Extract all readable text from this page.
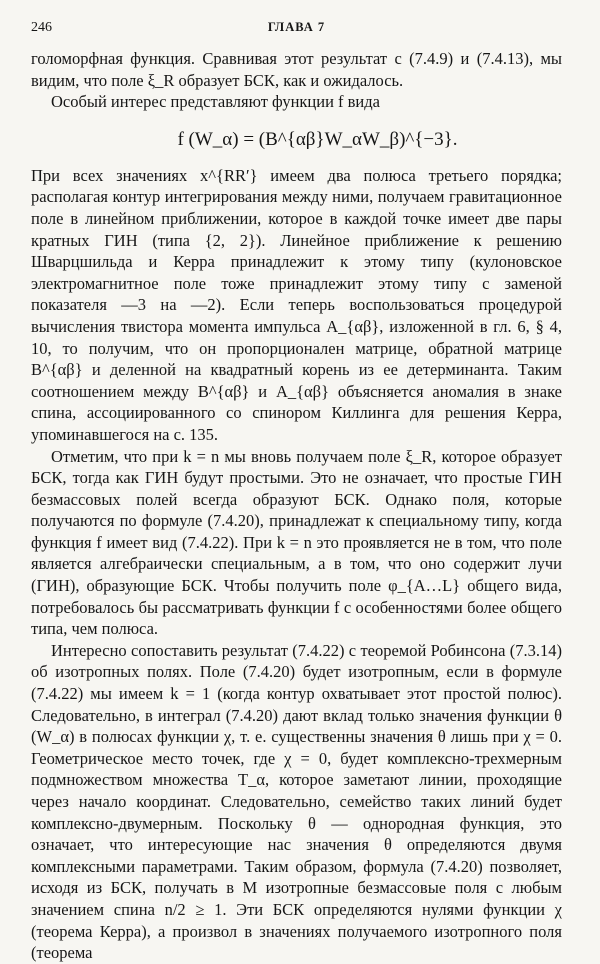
246	ГЛАВА 7

голоморфная функция. Сравнивая этот результат с (7.4.9) и (7.4.13), мы видим, что поле ξ_R образует БСК, как и ожидалось.

Особый интерес представляют функции f вида

f (W_α) = (B^{αβ}W_αW_β)^{−3}.

При всех значениях x^{RR′} имеем два полюса третьего порядка; располагая контур интегрирования между ними, получаем гравитационное поле в линейном приближении, которое в каждой точке имеет две пары кратных ГИН (типа {2, 2}). Линейное приближение к решению Шварцшильда и Керра принадлежит к этому типу (кулоновское электромагнитное поле тоже принадлежит этому типу с заменой показателя —3 на —2). Если теперь воспользоваться процедурой вычисления твистора момента импульса A_{αβ}, изложенной в гл. 6, § 4, 10, то получим, что он пропорционален матрице, обратной матрице B^{αβ} и деленной на квадратный корень из ее детерминанта. Таким соотношением между B^{αβ} и A_{αβ} объясняется аномалия в знаке спина, ассоциированного со спинором Киллинга для решения Керра, упоминавшегося на с. 135.

Отметим, что при k = n мы вновь получаем поле ξ_R, которое образует БСК, тогда как ГИН будут простыми. Это не означает, что простые ГИН безмассовых полей всегда образуют БСК. Однако поля, которые получаются по формуле (7.4.20), принадлежат к специальному типу, когда функция f имеет вид (7.4.22). При k = n это проявляется не в том, что поле является алгебраически специальным, а в том, что оно содержит лучи (ГИН), образующие БСК. Чтобы получить поле φ_{A…L} общего вида, потребовалось бы рассматривать функции f с особенностями более общего типа, чем полюса.

Интересно сопоставить результат (7.4.22) с теоремой Робинсона (7.3.14) об изотропных полях. Поле (7.4.20) будет изотропным, если в формуле (7.4.22) мы имеем k = 1 (когда контур охватывает этот простой полюс). Следовательно, в интеграл (7.4.20) дают вклад только значения функции θ (W_α) в полюсах функции χ, т. е. существенны значения θ лишь при χ = 0. Геометрическое место точек, где χ = 0, будет комплексно-трехмерным подмножеством множества T_α, которое заметают линии, проходящие через начало координат. Следовательно, семейство таких линий будет комплексно-двумерным. Поскольку θ — однородная функция, это означает, что интересующие нас значения θ определяются двумя комплексными параметрами. Таким образом, формула (7.4.20) позволяет, исходя из БСК, получать в M изотропные безмассовые поля с любым значением спина n/2 ≥ 1. Эти БСК определяются нулями функции χ (теорема Керра), а произвол в значениях получаемого изотропного поля (теорема
